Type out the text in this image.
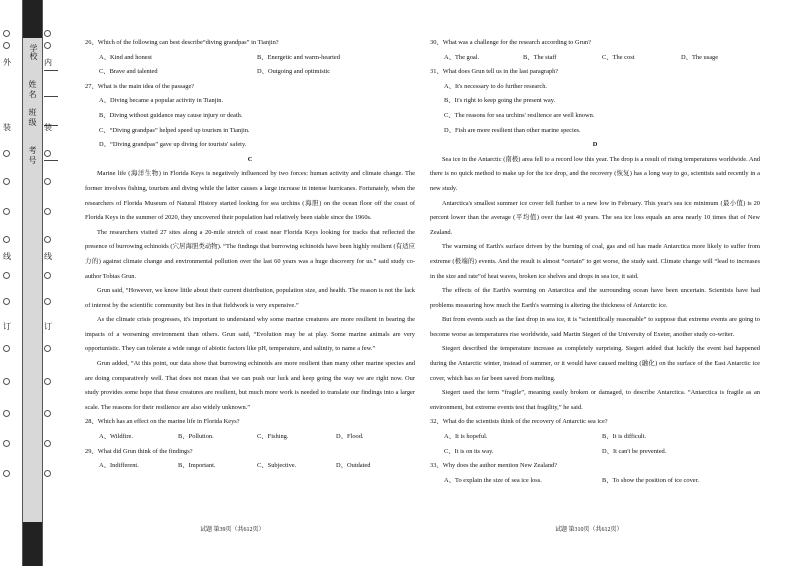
外	内
学校
姓 名
班 级
考 号
装	装
线	线
订	订

26、Which of the following can best describe“diving grandpas” in Tianjin?

A、Kind and honest	B、Energetic and warm-hearted
C、Brave and talented	D、Outgoing and optimistic

27、What is the main idea of the passage?

A、Diving became a popular activity in Tianjin.

B、Diving without guidance may cause injury or death.

C、“Diving grandpas” helped speed up tourism in Tianjin.

D、“Diving grandpas” gave up diving for tourists' safety.

C

Marine life (海洋生物) in Florida Keys is negatively influenced by two forces: human activity and climate change. The former involves fishing, tourism and diving while the latter causes a large increase in intense hurricanes. Fortunately, when the researchers of Florida Museum of Natural History started looking for sea urchins (海胆) on the ocean floor off the coast of Florida Keys in the summer of 2020, they uncovered their population had relatively been stable since the 1960s.

The researchers visited 27 sites along a 20-mile stretch of coast near Florida Keys looking for tracks that reflected the presence of burrowing echinoids (穴居海胆类动物). “The findings that burrowing echinoids have been highly resilient (有适应力的) against climate change and environmental pollution over the last 60 years was a huge discovery for us.” said study co-author Tobias Grun.

Grun said, “However, we know little about their current distribution, population size, and health. The reason is not the lack of interest by the scientific community but lies in that fieldwork is very expensive.”

As the climate crisis progresses, it's important to understand why some marine creatures are more resilient in bearing the impacts of a worsening environment than others. Grun said, “Evolution may be at play. Some marine animals are very opportunistic. They can tolerate a wide range of abiotic factors like pH, temperature, and salinity, to name a few.”

Grun added, “At this point, our data show that burrowing echinoids are more resilient than many other marine species and are doing comparatively well. That does not mean that we can push our luck and keep going the way we are right now. Our study provides some hope that these creatures are resilient, but much more work is needed to translate our findings into a larger scale. The reasons for their resilience are also widely unknown.”

28、Which has an effect on the marine life in Florida Keys?

A、Wildfire.	B、Pollution.	C、Fishing.	D、Flood.

29、What did Grun think of the findings?

A、Indifferent.	B、Important.	C、Subjective.	D、Outdated

30、What was a challenge for the research according to Grun?

A、The goal.	B、The staff	C、The cost	D、The usage

31、What does Grun tell us in the last paragraph?

A、It's necessary to do further research.

B、It's right to keep going the present way.

C、The reasons for sea urchins' resilience are well known.

D、Fish are more resilient than other marine species.

D

Sea ice in the Antarctic (南极) area fell to a record low this year. The drop is a result of rising temperatures worldwide. And there is no quick method to make up for the ice drop, and the recovery (恢复) has a long way to go, scientists said recently in a new study.

Antarctica's smallest summer ice cover fell further to a new low in February. This year's sea ice minimum (最小值) is 20 percent lower than the average (平均值) over the last 40 years. The sea ice loss equals an area nearly 10 times that of New Zealand.

The warming of Earth's surface driven by the burning of coal, gas and oil has made Antarctica more likely to suffer from extreme (极端的) events. And the result is almost “certain” to get worse, the study said. Climate change will “lead to increases in the size and rate”of heat waves, broken ice shelves and drops in sea ice, it said.

The effects of the Earth's warming on Antarctica and the surrounding ocean have been uncertain. Scientists have had problems measuring how much the Earth's warming is altering the thickness of Antarctic ice.

But from events such as the fast drop in sea ice, it is “scientifically reasonable” to suppose that extreme events are going to become worse as temperatures rise worldwide, said Martin Siegert of the University of Exeter, another study co-writer.

Siegert described the temperature increase as completely surprising. Siegert added that luckily the event had happened during the Antarctic winter, instead of summer, or it would have caused melting (融化) on the surface of the East Antarctic ice cover, which has so far been saved from melting.

Siegert used the term “fragile”, meaning easily broken or damaged, to describe Antarctica. “Antarctica is fragile as an environment, but extreme events test that fragility,” he said.

32、What do the scientists think of the recovery of Antarctic sea ice?

A、It is hopeful.	B、It is difficult.
C、It is on its way.	D、It can't be prevented.

33、Why does the author mention New Zealand?

A、To explain the size of sea ice loss.	B、To show the position of ice cover.
试题 第39页（共612页）	试题 第310页（共612页）
